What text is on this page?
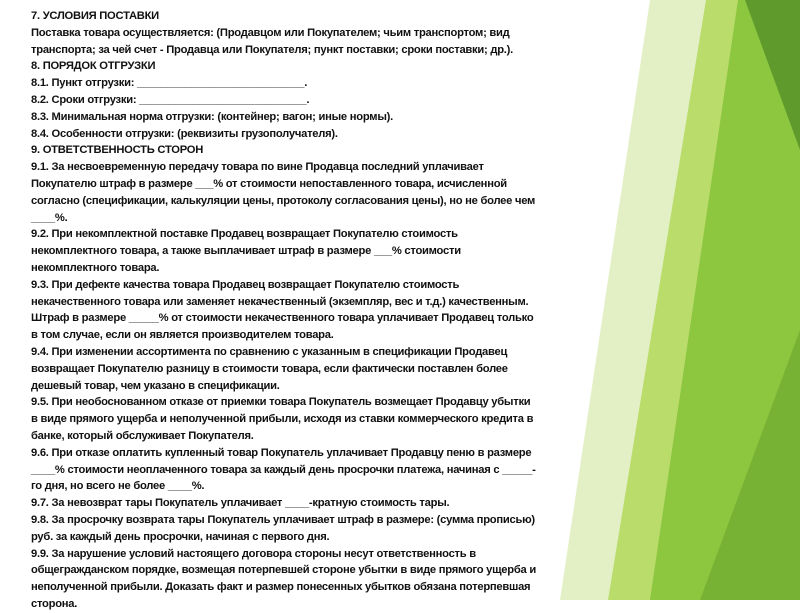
7. УСЛОВИЯ ПОСТАВКИ

Поставка товара осуществляется: (Продавцом или Покупателем; чьим транспортом; вид

транспорта; за чей счет - Продавца или Покупателя; пункт поставки; сроки поставки; др.).

8. ПОРЯДОК ОТГРУЗКИ

8.1. Пункт отгрузки: ____________________________.

8.2. Сроки отгрузки: ____________________________.

8.3. Минимальная норма отгрузки: (контейнер; вагон; иные нормы).

8.4. Особенности отгрузки: (реквизиты грузополучателя).

9. ОТВЕТСТВЕННОСТЬ СТОРОН

9.1. За несвоевременную передачу товара по вине Продавца последний уплачивает

Покупателю штраф в размере ___% от стоимости непоставленного товара, исчисленной

согласно (спецификации, калькуляции цены, протоколу согласования цены), но не более чем

____%.

9.2. При некомплектной поставке Продавец возвращает Покупателю стоимость

некомплектного товара, а также выплачивает штраф в размере ___% стоимости

некомплектного товара.

9.3. При дефекте качества товара Продавец возвращает Покупателю стоимость

некачественного товара или заменяет некачественный (экземпляр, вес и т.д.) качественным.

Штраф в размере _____% от стоимости некачественного товара уплачивает Продавец только

в том случае, если он является производителем товара.

9.4. При изменении ассортимента по сравнению с указанным в спецификации Продавец

возвращает Покупателю разницу в стоимости товара, если фактически поставлен более

дешевый товар, чем указано в спецификации.

9.5. При необоснованном отказе от приемки товара Покупатель возмещает Продавцу убытки

в виде прямого ущерба и неполученной прибыли, исходя из ставки коммерческого кредита в

банке, который обслуживает Покупателя.

9.6. При отказе оплатить купленный товар Покупатель уплачивает Продавцу пеню в размере

____% стоимости неоплаченного товара за каждый день просрочки платежа, начиная с _____-

го дня, но всего не более ____%.

9.7. За невозврат тары Покупатель уплачивает ____-кратную стоимость тары.

9.8. За просрочку возврата тары Покупатель уплачивает штраф в размере: (сумма прописью)

руб. за каждый день просрочки, начиная с первого дня.

9.9. За нарушение условий настоящего договора стороны несут ответственность в

общегражданском порядке, возмещая потерпевшей стороне убытки в виде прямого ущерба и

неполученной прибыли. Доказать факт и размер понесенных убытков обязана потерпевшая

сторона.
